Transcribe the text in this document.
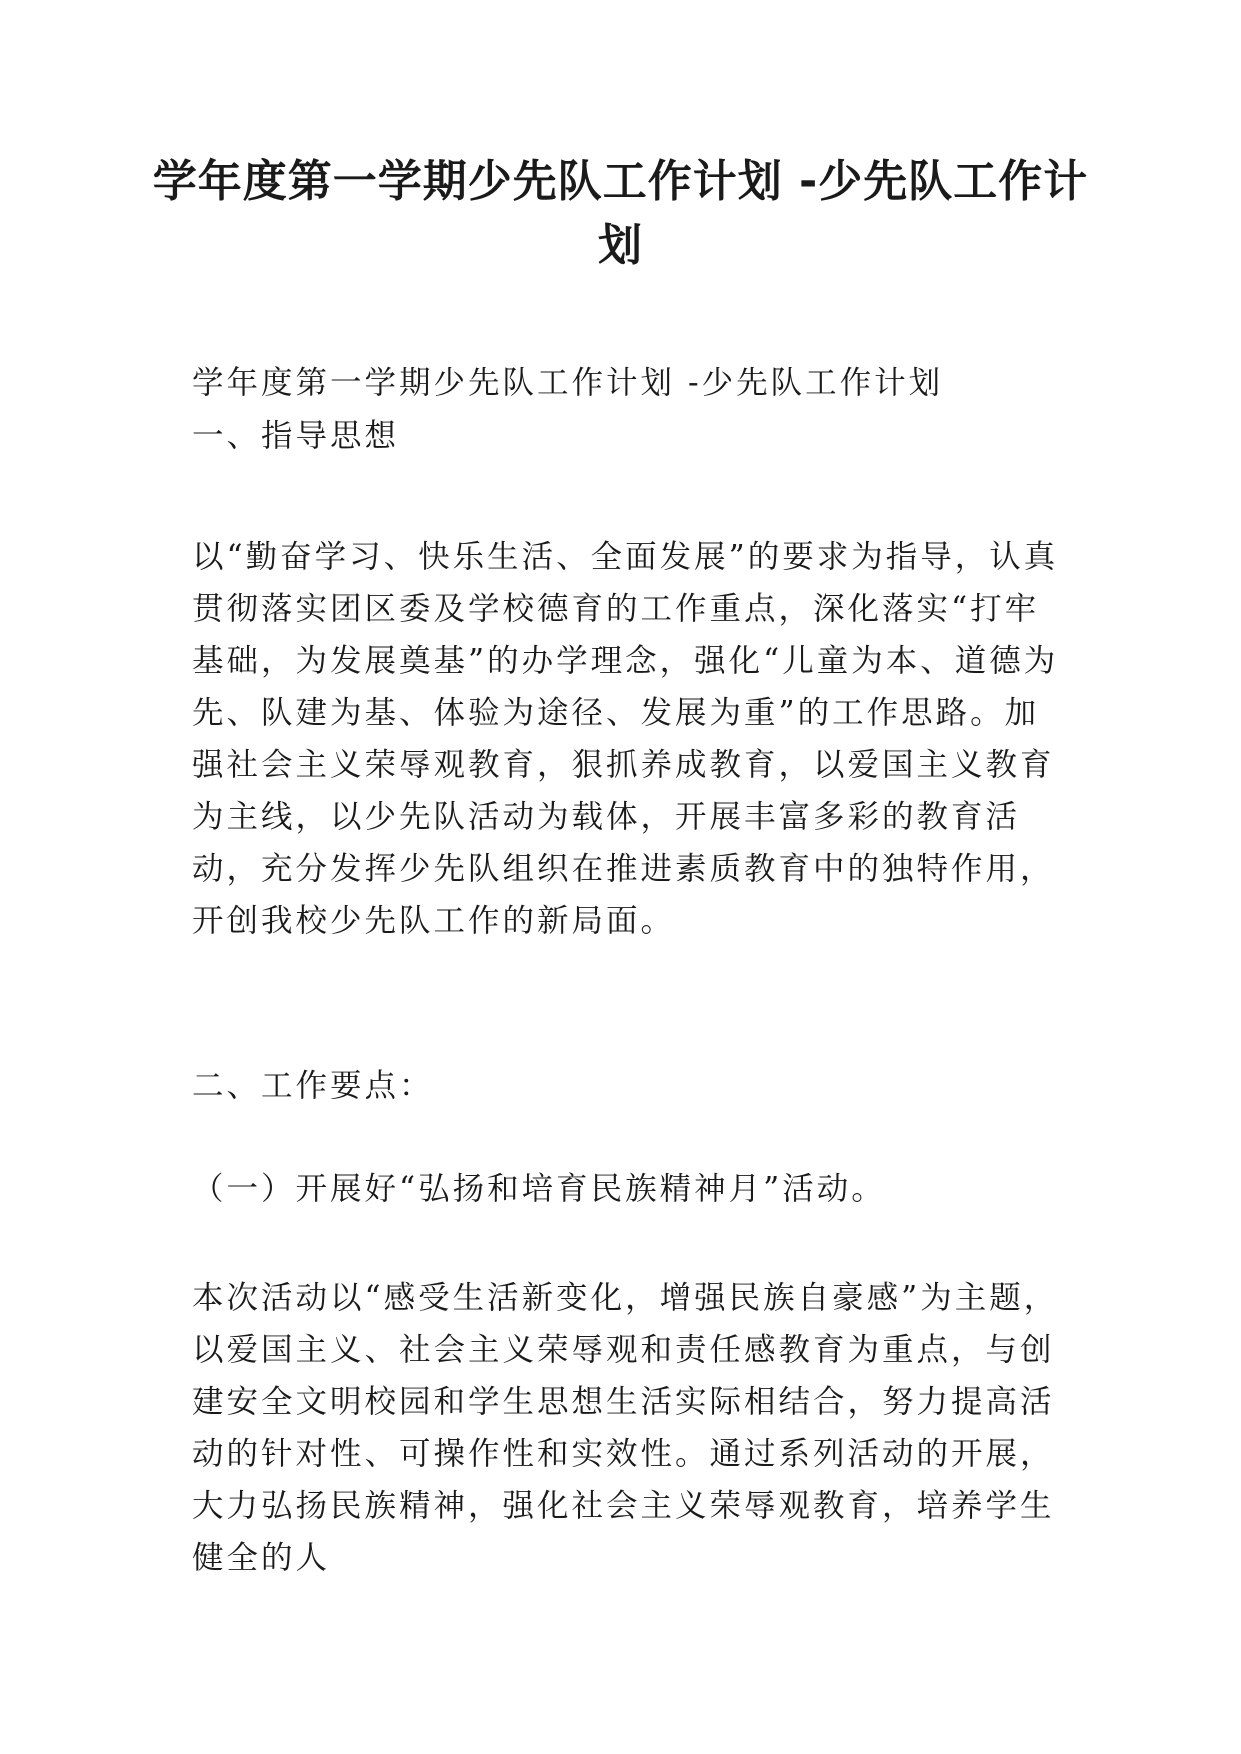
学年度第一学期少先队工作计划 -少先队工作计划

学年度第一学期少先队工作计划 -少先队工作计划

一、指导思想

以“勤奋学习、快乐生活、全面发展”的要求为指导，认真贯彻落实团区委及学校德育的工作重点，深化落实“打牢基础，为发展奠基”的办学理念，强化“儿童为本、道德为先、队建为基、体验为途径、发展为重”的工作思路。加强社会主义荣辱观教育，狠抓养成教育，以爱国主义教育为主线，以少先队活动为载体，开展丰富多彩的教育活动，充分发挥少先队组织在推进素质教育中的独特作用，开创我校少先队工作的新局面。

二、工作要点：

（一）开展好“弘扬和培育民族精神月”活动。

本次活动以“感受生活新变化，增强民族自豪感”为主题，以爱国主义、社会主义荣辱观和责任感教育为重点，与创建安全文明校园和学生思想生活实际相结合，努力提高活动的针对性、可操作性和实效性。通过系列活动的开展，大力弘扬民族精神，强化社会主义荣辱观教育，培养学生健全的人
